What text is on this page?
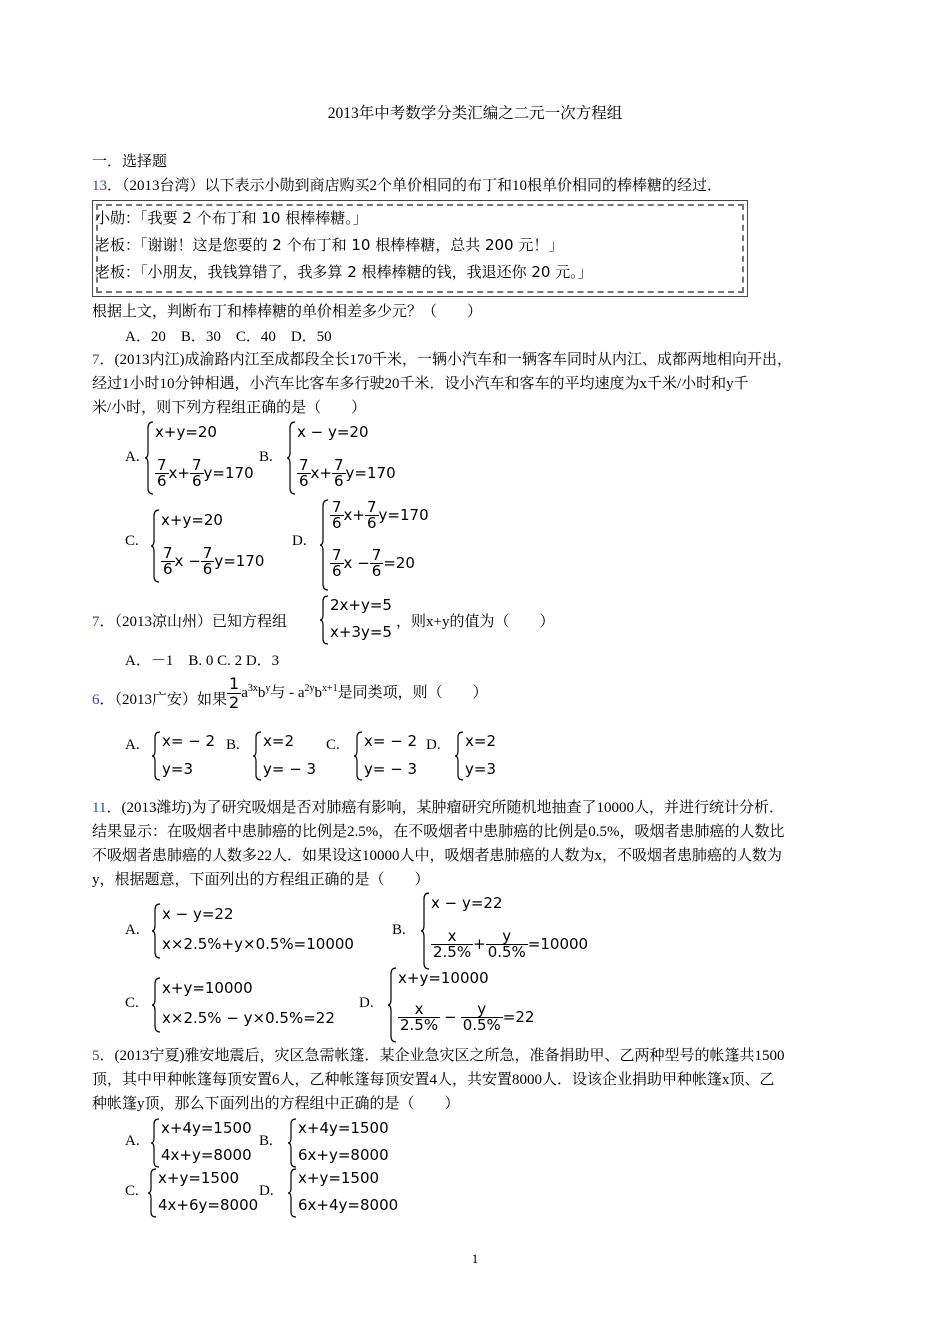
2013年中考数学分类汇编之二元一次方程组
一．选择题
13．（2013台湾）以下表示小勋到商店购买2个单价相同的布丁和10根单价相同的棒棒糖的经过．
小勋：「我要 2 个布丁和 10 根棒棒糖。」
老板：「谢谢！这是您要的 2 个布丁和 10 根棒棒糖，总共 200 元！」
老板：「小朋友，我钱算错了，我多算 2 根棒棒糖的钱，我退还你 20 元。」
根据上文，判断布丁和棒棒糖的单价相差多少元？（　　）
A．20　B．30　C．40　D．50
7．(2013内江)成渝路内江至成都段全长170千米，一辆小汽车和一辆客车同时从内江、成都两地相向开出，
经过1小时10分钟相遇，小汽车比客车多行驶20千米．设小汽车和客车的平均速度为x千米/小时和y千
米/小时，则下列方程组正确的是（　　）
A.
x+y=20
$\frac{7}{6} x+ \frac{7}{6} y=170$
B.
x − y=20
$\frac{7}{6} x+ \frac{7}{6} y=170$
C.
x+y=20
$\frac{7}{6}$ $x - \frac{7}{6} y=170$
D.
$\frac{7}{6} x+ \frac{7}{6} y=170$
$\frac{7}{6}$ $x - \frac{7}{6} =20$
7．（2013凉山州）已知方程组
2x+y=5
x+3y=5
，则x+y的值为（　　）
A．－1　B. 0 C. 2 D．3
6．（2013广安）如果 $\frac{1}{2} a^{3x}b^y$与 - $a^{2y}b^{x+1}$是同类项，则（　　）
A. x= − 2
y=3
B. x=2
y= − 3
C. x= − 2
y= − 3
D. x=2
y=3
11．(2013潍坊)为了研究吸烟是否对肺癌有影响，某肿瘤研究所随机地抽查了10000人，并进行统计分析．
结果显示：在吸烟者中患肺癌的比例是2.5%，在不吸烟者中患肺癌的比例是0.5%，吸烟者患肺癌的人数比
不吸烟者患肺癌的人数多22人．如果设这10000人中，吸烟者患肺癌的人数为x，不吸烟者患肺癌的人数为
y，根据题意，下面列出的方程组正确的是（　　）
A.
x − y=22
x×2.5%+y×0.5%=10000
B.
x − y=22
$\frac{x}{2.5\%} + \frac{y}{0.5\%} =10000$
C.
x+y=10000
x×2.5% − y×0.5%=22
D.
x+y=10000
$\frac{x}{2.5\%} - \frac{y}{0.5\%} =22$
5．(2013宁夏)雅安地震后，灾区急需帐篷．某企业急灾区之所急，准备捐助甲、乙两种型号的帐篷共1500
顶，其中甲种帐篷每顶安置6人，乙种帐篷每顶安置4人，共安置8000人．设该企业捐助甲种帐篷x顶、乙
种帐篷y顶，那么下面列出的方程组中正确的是（　　）
A.
x+4y=1500
4x+y=8000
B.
x+4y=1500
6x+y=8000
C.
x+y=1500
4x+6y=8000
D.
x+y=1500
6x+4y=8000
1
